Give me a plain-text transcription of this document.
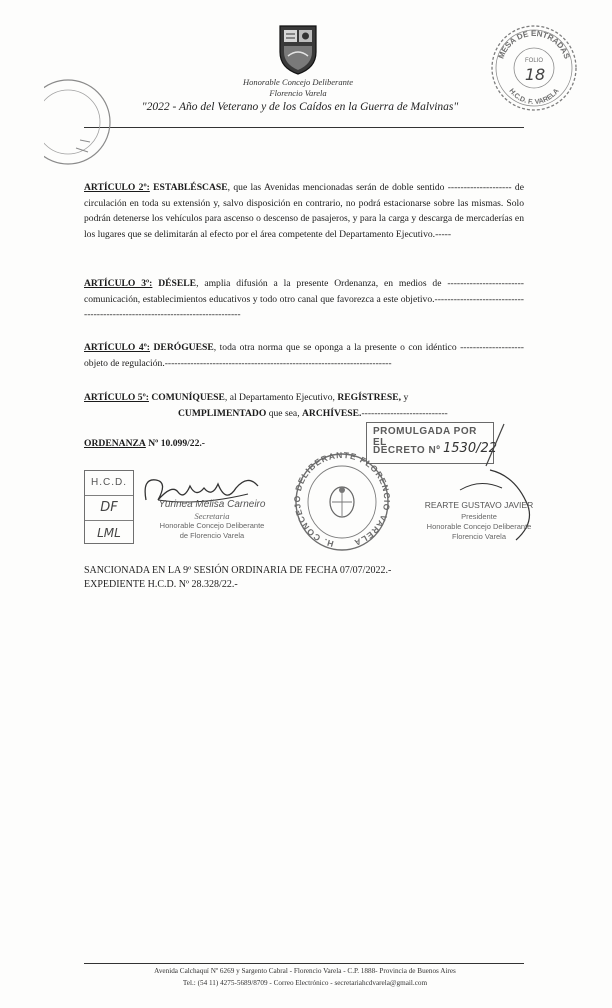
Honorable Concejo Deliberante
Florencio Varela
"2022 - Año del Veterano y de los Caídos en la Guerra de Malvinas"
MESA DE ENTRADAS
FOLIO
18
H.C.D. F. VARELA
ARTÍCULO 2º: ESTABLÉSCASE, que las Avenidas mencionadas serán de doble sentido -------------------- de circulación en toda su extensión y, salvo disposición en contrario, no podrá estacionarse sobre las mismas. Solo podrán detenerse los vehículos para ascenso o descenso de pasajeros, y para la carga y descarga de mercaderías en los lugares que se delimitarán al efecto por el área competente del Departamento Ejecutivo.-----
ARTÍCULO 3º: DÉSELE, amplia difusión a la presente Ordenanza, en medios de ------------------------ comunicación, establecimientos educativos y todo otro canal que favorezca a este objetivo.-----------------------------------------------------------------------------
ARTÍCULO 4º: DERÓGUESE, toda otra norma que se oponga a la presente o con idéntico -------------------- objeto de regulación.-----------------------------------------------------------------------
ARTÍCULO 5º: COMUNÍQUESE, al Departamento Ejecutivo, REGÍSTRESE, y
CUMPLIMENTADO que sea, ARCHÍVESE.---------------------------
ORDENANZA Nº 10.099/22.-
PROMULGADA POR EL
DECRETO Nº 1530/22
H.C.D.
DF
LML
Yurinea Melisa Carneiro
Secretaria
Honorable Concejo Deliberante
de Florencio Varela
H. CONCEJO DELIBERANTE FLORENCIO VARELA
REARTE GUSTAVO JAVIER
Presidente
Honorable Concejo Deliberante
Florencio Varela
SANCIONADA EN LA 9º SESIÓN ORDINARIA DE FECHA 07/07/2022.-
EXPEDIENTE H.C.D. Nº 28.328/22.-
Avenida Calchaquí Nº 6269 y Sargento Cabral - Florencio Varela - C.P. 1888- Provincia de Buenos Aires
Tel.: (54 11) 4275-5689/8709 - Correo Electrónico - secretariahcdvarela@gmail.com
